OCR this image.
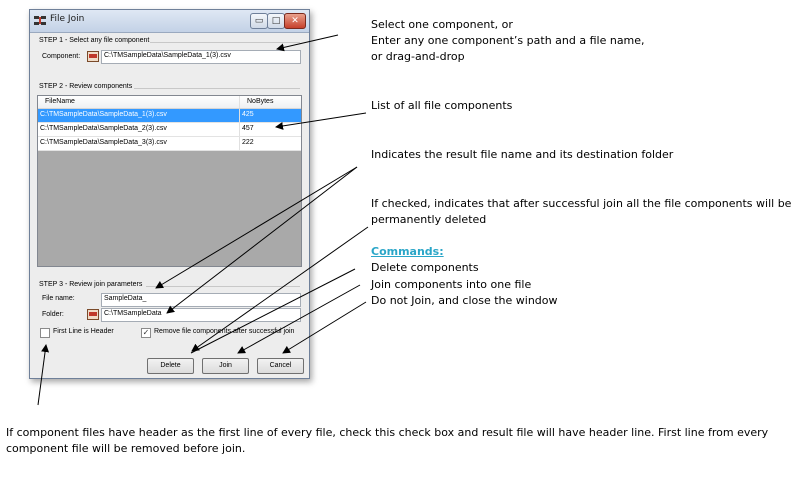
File Join	▭ □	✕
STEP 1 - Select any file component
Component:	C:\TMSampleData\SampleData_1(3).csv
STEP 2 - Review components
FileName	NoBytes
C:\TMSampleData\SampleData_1(3).csv	425
C:\TMSampleData\SampleData_2(3).csv	457
C:\TMSampleData\SampleData_3(3).csv	222
STEP 3 - Review join parameters
File name:	SampleData_
Folder:	C:\TMSampleData
First Line is Header	✓ Remove file components after successful join
Delete	Join	Cancel
Select one component, or
Enter any one component’s path and a file name,
or drag-and-drop
List of all file components
Indicates the result file name and its destination folder
If checked, indicates that after successful join all the file components will be
permanently deleted
Commands:
Delete components
Join components into one file
Do not Join, and close the window
If component files have header as the first line of every file, check this check box and result file will have header line. First line from every
component file will be removed before join.
